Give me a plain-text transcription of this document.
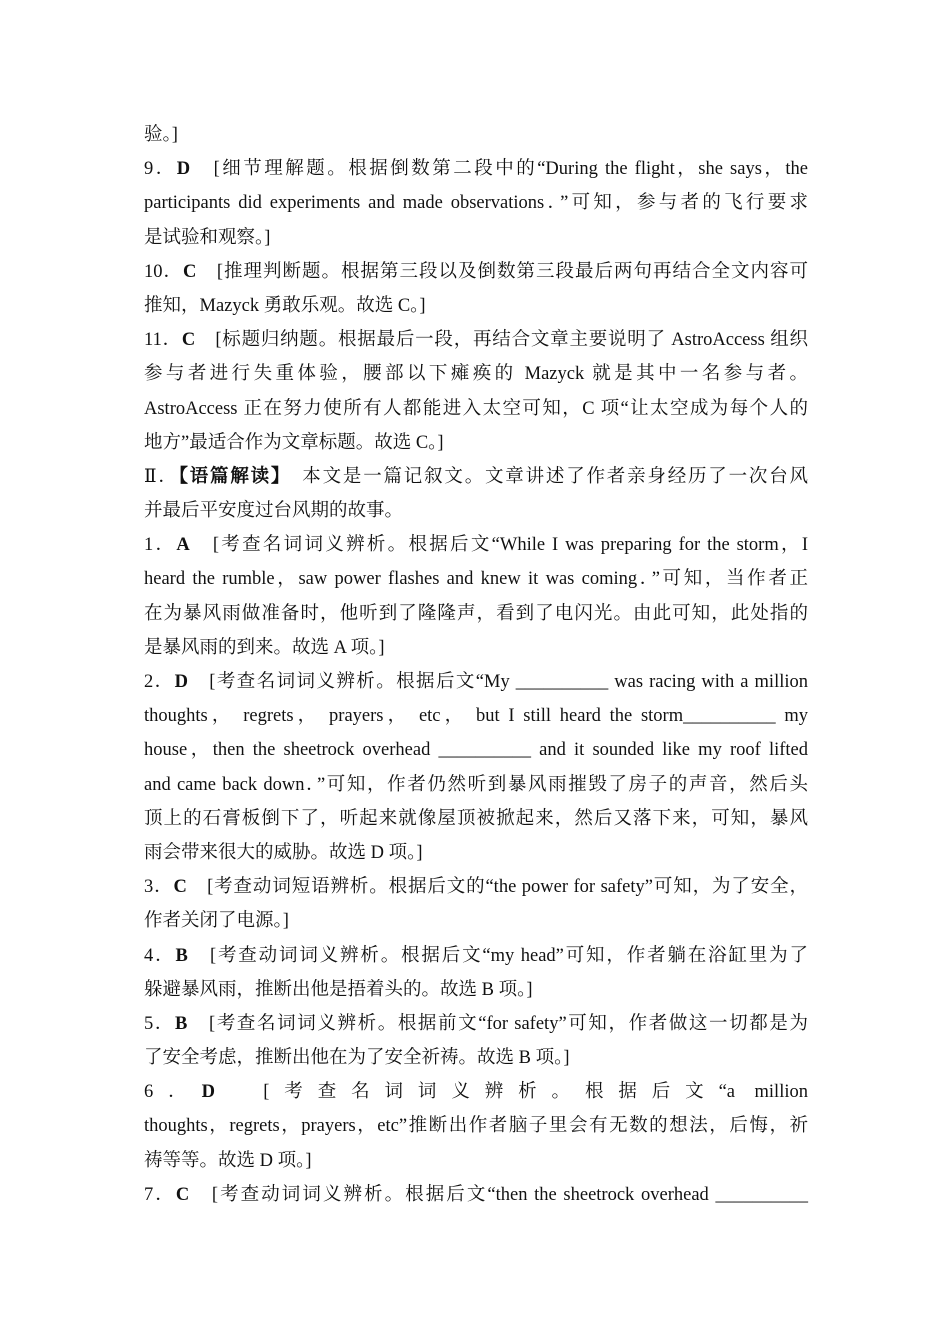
验。]
9．D　[细节理解题。根据倒数第二段中的“During the flight，she says，the
participants did experiments and made observations．”可知，参与者的飞行要求
是试验和观察。]
10．C　[推理判断题。根据第三段以及倒数第三段最后两句再结合全文内容可
推知，Mazyck 勇敢乐观。故选 C。]
11．C　[标题归纳题。根据最后一段，再结合文章主要说明了 AstroAccess 组织
参与者进行失重体验，腰部以下瘫痪的 Mazyck 就是其中一名参与者。
AstroAccess 正在努力使所有人都能进入太空可知，C 项“让太空成为每个人的
地方”最适合作为文章标题。故选 C。]
Ⅱ．【语篇解读】　本文是一篇记叙文。文章讲述了作者亲身经历了一次台风
并最后平安度过台风期的故事。
1．A　[考查名词词义辨析。根据后文“While I was preparing for the storm，I
heard the rumble，saw power flashes and knew it was coming．”可知，当作者正
在为暴风雨做准备时，他听到了隆隆声，看到了电闪光。由此可知，此处指的
是暴风雨的到来。故选 A 项。]
2．D　[考查名词词义辨析。根据后文“My __________ was racing with a million
thoughts， regrets， prayers， etc， but I still heard the storm__________ my
house，then the sheetrock overhead __________ and it sounded like my roof lifted
and came back down．”可知，作者仍然听到暴风雨摧毁了房子的声音，然后头
顶上的石膏板倒下了，听起来就像屋顶被掀起来，然后又落下来，可知，暴风
雨会带来很大的威胁。故选 D 项。]
3．C　[考查动词短语辨析。根据后文的“the power for safety”可知，为了安全，
作者关闭了电源。]
4．B　[考查动词词义辨析。根据后文“my head”可知，作者躺在浴缸里为了
躲避暴风雨，推断出他是捂着头的。故选 B 项。]
5．B　[考查名词词义辨析。根据前文“for safety”可知，作者做这一切都是为
了安全考虑，推断出他在为了安全祈祷。故选 B 项。]
6．D　[考查名词词义辨析。根据后文“a million
thoughts，regrets，prayers，etc”推断出作者脑子里会有无数的想法，后悔，祈
祷等等。故选 D 项。]
7．C　[考查动词词义辨析。根据后文“then the sheetrock overhead __________
